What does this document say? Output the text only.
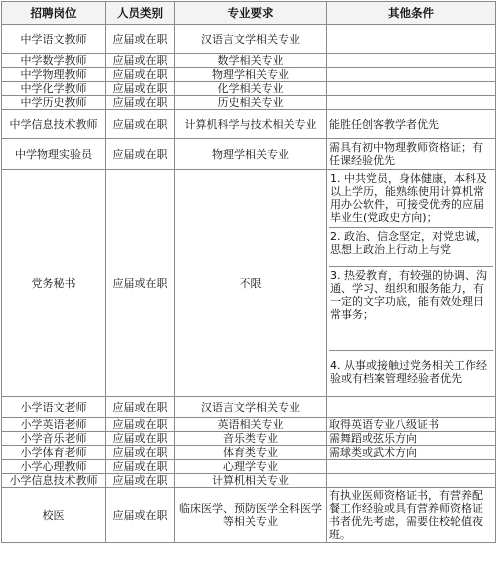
招聘岗位	人员类别	专业要求	其他条件
中学语文教师	应届或在职	汉语言文学相关专业	
中学数学教师	应届或在职	数学相关专业	
中学物理教师	应届或在职	物理学相关专业	
中学化学教师	应届或在职	化学相关专业	
中学历史教师	应届或在职	历史相关专业	
中学信息技术教师	应届或在职	计算机科学与技术相关专业	能胜任创客教学者优先
中学物理实验员	应届或在职	物理学相关专业	需具有初中物理教师资格证；有任课经验优先
党务秘书	应届或在职	不限	1. 中共党员，身体健康，本科及以上学历，能熟练使用计算机常用办公软件，可接受优秀的应届毕业生(党政史方向)；
2. 政治、信念坚定，对党忠诚，思想上政治上行动上与党
3. 热爱教育，有较强的协调、沟通、学习、组织和服务能力，有一定的文字功底，能有效处理日常事务；
4. 从事或接触过党务相关工作经验或有档案管理经验者优先

小学语文老师	应届或在职	汉语言文学相关专业	
小学英语老师	应届或在职	英语相关专业	取得英语专业八级证书
小学音乐老师	应届或在职	音乐类专业	需舞蹈或弦乐方向
小学体育老师	应届或在职	体育类专业	需球类或武术方向
小学心理教师	应届或在职	心理学专业	
小学信息技术教师	应届或在职	计算机相关专业	
校医	应届或在职	临床医学、预防医学全科医学等相关专业	有执业医师资格证书，有营养配餐工作经验或具有营养师资格证书者优先考虑，需要住校轮值夜班。
